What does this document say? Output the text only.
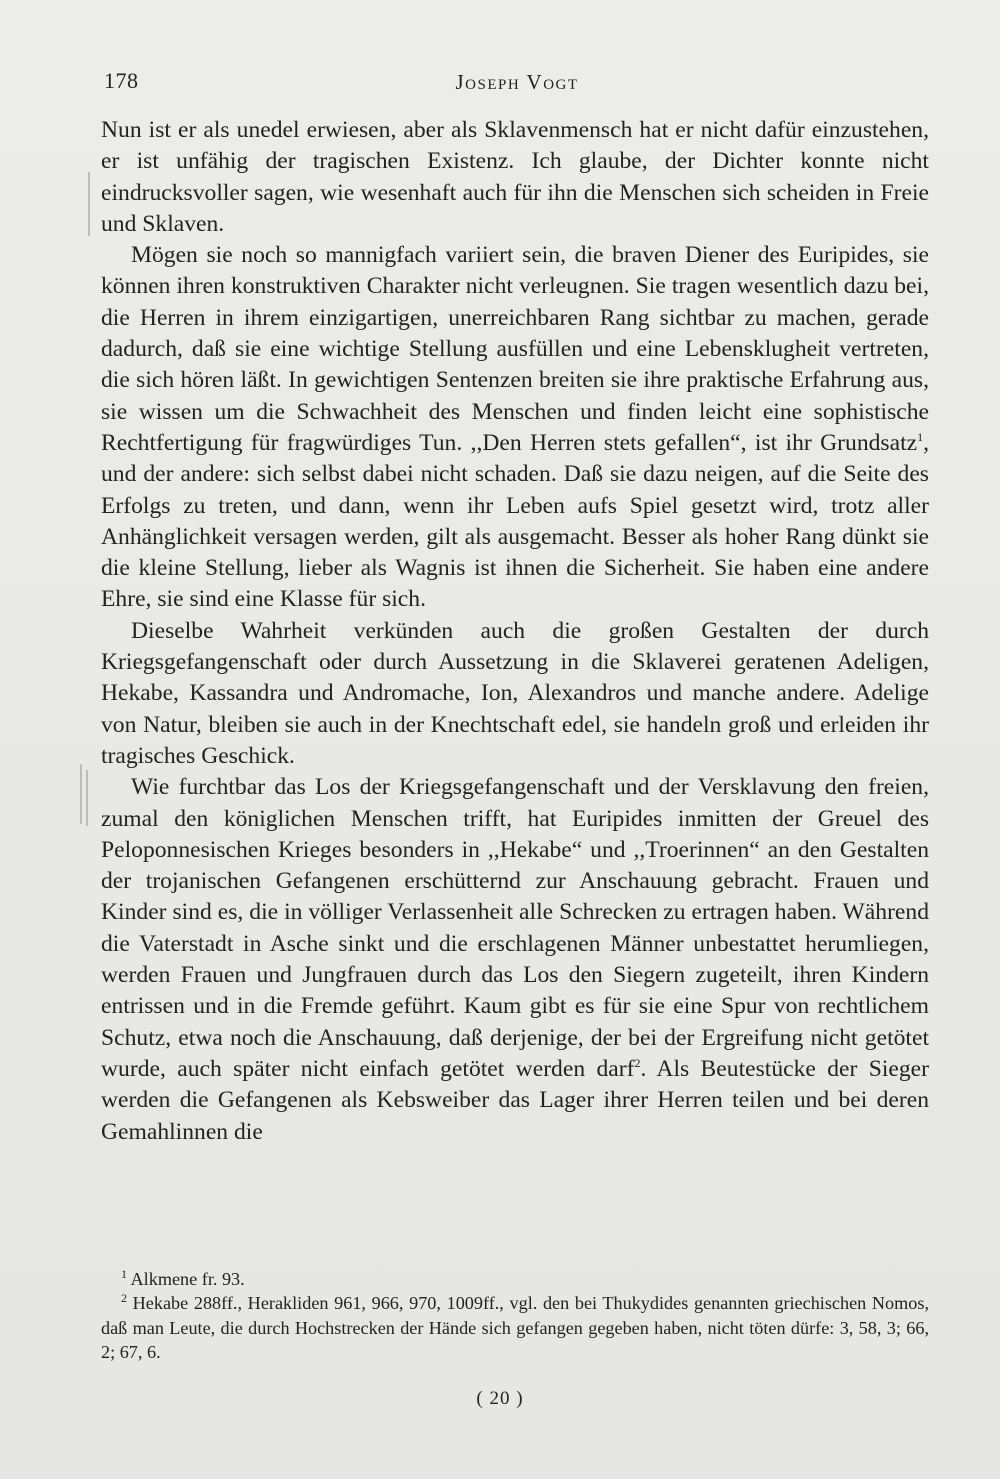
178	Joseph Vogt

Nun ist er als unedel erwiesen, aber als Sklavenmensch hat er nicht dafür einzustehen, er ist unfähig der tragischen Existenz. Ich glaube, der Dichter konnte nicht eindrucksvoller sagen, wie wesenhaft auch für ihn die Menschen sich scheiden in Freie und Sklaven.

Mögen sie noch so mannigfach variiert sein, die braven Diener des Euripides, sie können ihren konstruktiven Charakter nicht verleugnen. Sie tragen wesentlich dazu bei, die Herren in ihrem einzigartigen, unerreichbaren Rang sichtbar zu machen, gerade dadurch, daß sie eine wichtige Stellung ausfüllen und eine Lebensklugheit vertreten, die sich hören läßt. In gewichtigen Sentenzen breiten sie ihre praktische Erfahrung aus, sie wissen um die Schwachheit des Menschen und finden leicht eine sophistische Rechtfertigung für fragwürdiges Tun. ,,Den Herren stets gefallen“, ist ihr Grundsatz$^1$, und der andere: sich selbst dabei nicht schaden. Daß sie dazu neigen, auf die Seite des Erfolgs zu treten, und dann, wenn ihr Leben aufs Spiel gesetzt wird, trotz aller Anhänglichkeit versagen werden, gilt als ausgemacht. Besser als hoher Rang dünkt sie die kleine Stellung, lieber als Wagnis ist ihnen die Sicherheit. Sie haben eine andere Ehre, sie sind eine Klasse für sich.

Dieselbe Wahrheit verkünden auch die großen Gestalten der durch Kriegsgefangenschaft oder durch Aussetzung in die Sklaverei geratenen Adeligen, Hekabe, Kassandra und Andromache, Ion, Alexandros und manche andere. Adelige von Natur, bleiben sie auch in der Knechtschaft edel, sie handeln groß und erleiden ihr tragisches Geschick.

Wie furchtbar das Los der Kriegsgefangenschaft und der Versklavung den freien, zumal den königlichen Menschen trifft, hat Euripides inmitten der Greuel des Peloponnesischen Krieges besonders in ,,Hekabe“ und ,,Troerinnen“ an den Gestalten der trojanischen Gefangenen erschütternd zur Anschauung gebracht. Frauen und Kinder sind es, die in völliger Verlassenheit alle Schrecken zu ertragen haben. Während die Vaterstadt in Asche sinkt und die erschlagenen Männer unbestattet herumliegen, werden Frauen und Jungfrauen durch das Los den Siegern zugeteilt, ihren Kindern entrissen und in die Fremde geführt. Kaum gibt es für sie eine Spur von rechtlichem Schutz, etwa noch die Anschauung, daß derjenige, der bei der Ergreifung nicht getötet wurde, auch später nicht einfach getötet werden darf$^2$. Als Beutestücke der Sieger werden die Gefangenen als Kebsweiber das Lager ihrer Herren teilen und bei deren Gemahlinnen die

$^1$ Alkmene fr. 93.

$^2$ Hekabe 288ff., Herakliden 961, 966, 970, 1009ff., vgl. den bei Thukydides genannten griechischen Nomos, daß man Leute, die durch Hochstrecken der Hände sich gefangen gegeben haben, nicht töten dürfe: 3, 58, 3; 66, 2; 67, 6.

( 20 )
